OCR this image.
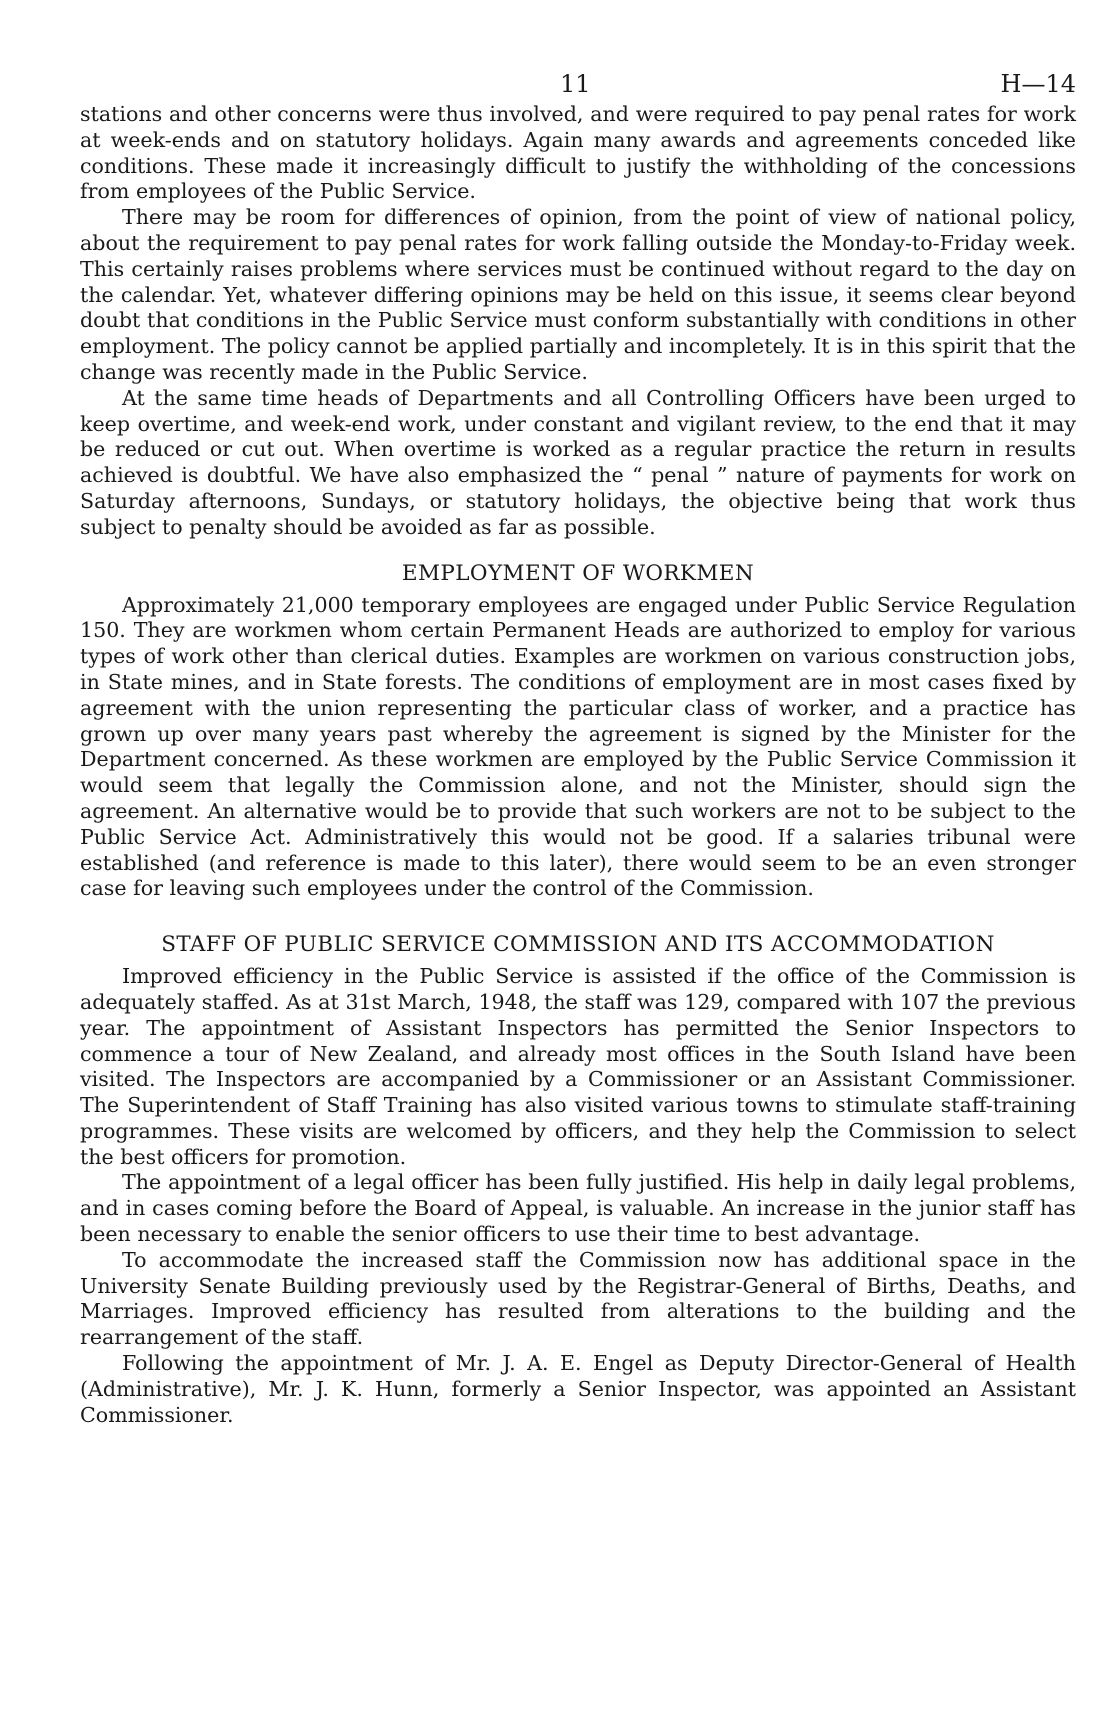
11	H—14

stations and other concerns were thus involved, and were required to pay penal rates for work at week-ends and on statutory holidays. Again many awards and agreements conceded like conditions. These made it increasingly difficult to justify the withholding of the concessions from employees of the Public Service.

There may be room for differences of opinion, from the point of view of national policy, about the requirement to pay penal rates for work falling outside the Monday-to-Friday week. This certainly raises problems where services must be continued without regard to the day on the calendar. Yet, whatever differing opinions may be held on this issue, it seems clear beyond doubt that conditions in the Public Service must conform substantially with conditions in other employment. The policy cannot be applied partially and incompletely. It is in this spirit that the change was recently made in the Public Service.

At the same time heads of Departments and all Controlling Officers have been urged to keep overtime, and week-end work, under constant and vigilant review, to the end that it may be reduced or cut out. When overtime is worked as a regular practice the return in results achieved is doubtful. We have also emphasized the “ penal ” nature of payments for work on Saturday afternoons, Sundays, or statutory holidays, the objective being that work thus subject to penalty should be avoided as far as possible.

EMPLOYMENT OF WORKMEN

Approximately 21,000 temporary employees are engaged under Public Service Regulation 150. They are workmen whom certain Permanent Heads are authorized to employ for various types of work other than clerical duties. Examples are workmen on various construction jobs, in State mines, and in State forests. The conditions of employment are in most cases fixed by agreement with the union representing the particular class of worker, and a practice has grown up over many years past whereby the agreement is signed by the Minister for the Department concerned. As these workmen are employed by the Public Service Commission it would seem that legally the Commission alone, and not the Minister, should sign the agreement. An alternative would be to provide that such workers are not to be subject to the Public Service Act. Administratively this would not be good. If a salaries tribunal were established (and reference is made to this later), there would seem to be an even stronger case for leaving such employees under the control of the Commission.

STAFF OF PUBLIC SERVICE COMMISSION AND ITS ACCOMMODATION

Improved efficiency in the Public Service is assisted if the office of the Commission is adequately staffed. As at 31st March, 1948, the staff was 129, compared with 107 the previous year. The appointment of Assistant Inspectors has permitted the Senior Inspectors to commence a tour of New Zealand, and already most offices in the South Island have been visited. The Inspectors are accompanied by a Commissioner or an Assistant Commissioner. The Superintendent of Staff Training has also visited various towns to stimulate staff-training programmes. These visits are welcomed by officers, and they help the Commission to select the best officers for promotion.

The appointment of a legal officer has been fully justified. His help in daily legal problems, and in cases coming before the Board of Appeal, is valuable. An increase in the junior staff has been necessary to enable the senior officers to use their time to best advantage.

To accommodate the increased staff the Commission now has additional space in the University Senate Building previously used by the Registrar-General of Births, Deaths, and Marriages. Improved efficiency has resulted from alterations to the building and the rearrangement of the staff.

Following the appointment of Mr. J. A. E. Engel as Deputy Director-General of Health (Administrative), Mr. J. K. Hunn, formerly a Senior Inspector, was appointed an Assistant Commissioner.
